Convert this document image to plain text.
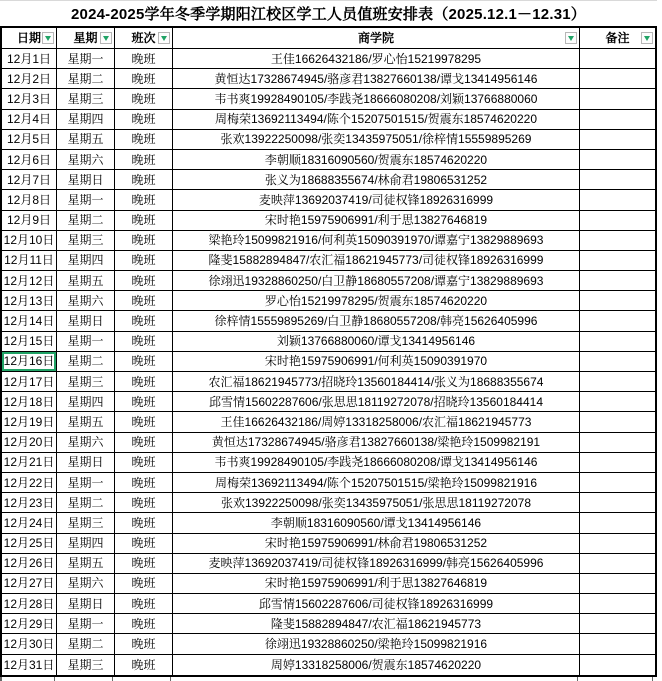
2024-2025学年冬季学期阳江校区学工人员值班安排表（2025.12.1－12.31）
日期	星期	班次	商学院	备注
12月1日	星期一	晚班	王佳16626432186/罗心怡15219978295
12月2日	星期二	晚班	黄恒达17328674945/骆彦君13827660138/谭戈13414956146
12月3日	星期三	晚班	韦书爽19928490105/李践尧18666080208/刘颖13766880060
12月4日	星期四	晚班	周梅荣13692113494/陈个15207501515/贺震东18574620220
12月5日	星期五	晚班	张欢13922250098/张奕13435975051/徐梓情15559895269
12月6日	星期六	晚班	李朝顺18316090560/贺震东18574620220
12月7日	星期日	晚班	张义为18688355674/林俞君19806531252
12月8日	星期一	晚班	麦映萍13692037419/司徒权锋18926316999
12月9日	星期二	晚班	宋时艳15975906991/利于思13827646819
12月10日	星期三	晚班	梁艳玲15099821916/何利英15090391970/谭嘉宁13829889693
12月11日	星期四	晚班	隆斐15882894847/农汇福18621945773/司徒权锋18926316999
12月12日	星期五	晚班	徐翊迅19328860250/白卫静18680557208/谭嘉宁13829889693
12月13日	星期六	晚班	罗心怡15219978295/贺震东18574620220
12月14日	星期日	晚班	徐梓情15559895269/白卫静18680557208/韩亮15626405996
12月15日	星期一	晚班	刘颖13766880060/谭戈13414956146
12月16日	星期二	晚班	宋时艳15975906991/何利英15090391970
12月17日	星期三	晚班	农汇福18621945773/招晓玲13560184414/张义为18688355674
12月18日	星期四	晚班	邱雪情15602287606/张思思18119272078/招晓玲13560184414
12月19日	星期五	晚班	王佳16626432186/周婷13318258006/农汇福18621945773
12月20日	星期六	晚班	黄恒达17328674945/骆彦君13827660138/梁艳玲1509982191
12月21日	星期日	晚班	韦书爽19928490105/李践尧18666080208/谭戈13414956146
12月22日	星期一	晚班	周梅荣13692113494/陈个15207501515/梁艳玲15099821916
12月23日	星期二	晚班	张欢13922250098/张奕13435975051/张思思18119272078
12月24日	星期三	晚班	李朝顺18316090560/谭戈13414956146
12月25日	星期四	晚班	宋时艳15975906991/林俞君19806531252
12月26日	星期五	晚班	麦映萍13692037419/司徒权锋18926316999/韩亮15626405996
12月27日	星期六	晚班	宋时艳15975906991/利于思13827646819
12月28日	星期日	晚班	邱雪情15602287606/司徒权锋18926316999
12月29日	星期一	晚班	隆斐15882894847/农汇福18621945773
12月30日	星期二	晚班	徐翊迅19328860250/梁艳玲15099821916
12月31日	星期三	晚班	周婷13318258006/贺震东18574620220
